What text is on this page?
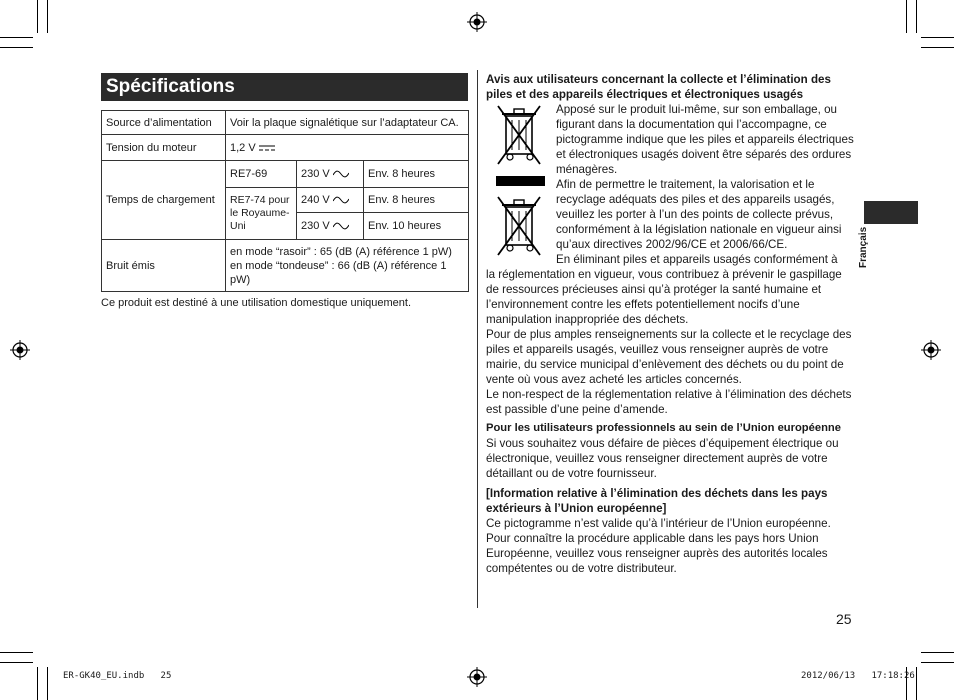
Spécifications
Source d’alimentation	Voir la plaque signalétique sur l’adaptateur CA.		
Tension du moteur	1,2 V		
Temps de chargement	RE7-69	230 V	Env. 8 heures
	RE7-74 pour le Royaume-Uni	240 V	Env. 8 heures
		230 V	Env. 10 heures
Bruit émis	en mode “rasoir” : 65 (dB (A) référence 1 pW)
en mode “tondeuse” : 66 (dB (A) référence 1 pW)		
Ce produit est destiné à une utilisation domestique uniquement.
Avis aux utilisateurs concernant la collecte et l’élimination des piles et des appareils électriques et électroniques usagés
Apposé sur le produit lui-même, sur son emballage, ou figurant dans la documentation qui l’accompagne, ce pictogramme indique que les piles et appareils électriques et électroniques usagés doivent être séparés des ordures ménagères.
Afin de permettre le traitement, la valorisation et le recyclage adéquats des piles et des appareils usagés, veuillez les porter à l’un des points de collecte prévus, conformément à la législation nationale en vigueur ainsi qu’aux directives 2002/96/CE et 2006/66/CE.
En éliminant piles et appareils usagés conformément à
la réglementation en vigueur, vous contribuez à prévenir le gaspillage de ressources précieuses ainsi qu’à protéger la santé humaine et l’environnement contre les effets potentiellement nocifs d’une manipulation inappropriée des déchets.
Pour de plus amples renseignements sur la collecte et le recyclage des piles et appareils usagés, veuillez vous renseigner auprès de votre mairie, du service municipal d’enlèvement des déchets ou du point de vente où vous avez acheté les articles concernés.
Le non-respect de la réglementation relative à l’élimination des déchets est passible d’une peine d’amende.
Pour les utilisateurs professionnels au sein de l’Union européenne
Si vous souhaitez vous défaire de pièces d’équipement électrique ou électronique, veuillez vous renseigner directement auprès de votre détaillant ou de votre fournisseur.
[Information relative à l’élimination des déchets dans les pays extérieurs à l’Union européenne]
Ce pictogramme n’est valide qu’à l’intérieur de l’Union européenne. Pour connaître la procédure applicable dans les pays hors Union Européenne, veuillez vous renseigner auprès des autorités locales compétentes ou de votre distributeur.
Français
25
ER-GK40_EU.indb   25	2012/06/13   17:18:26
